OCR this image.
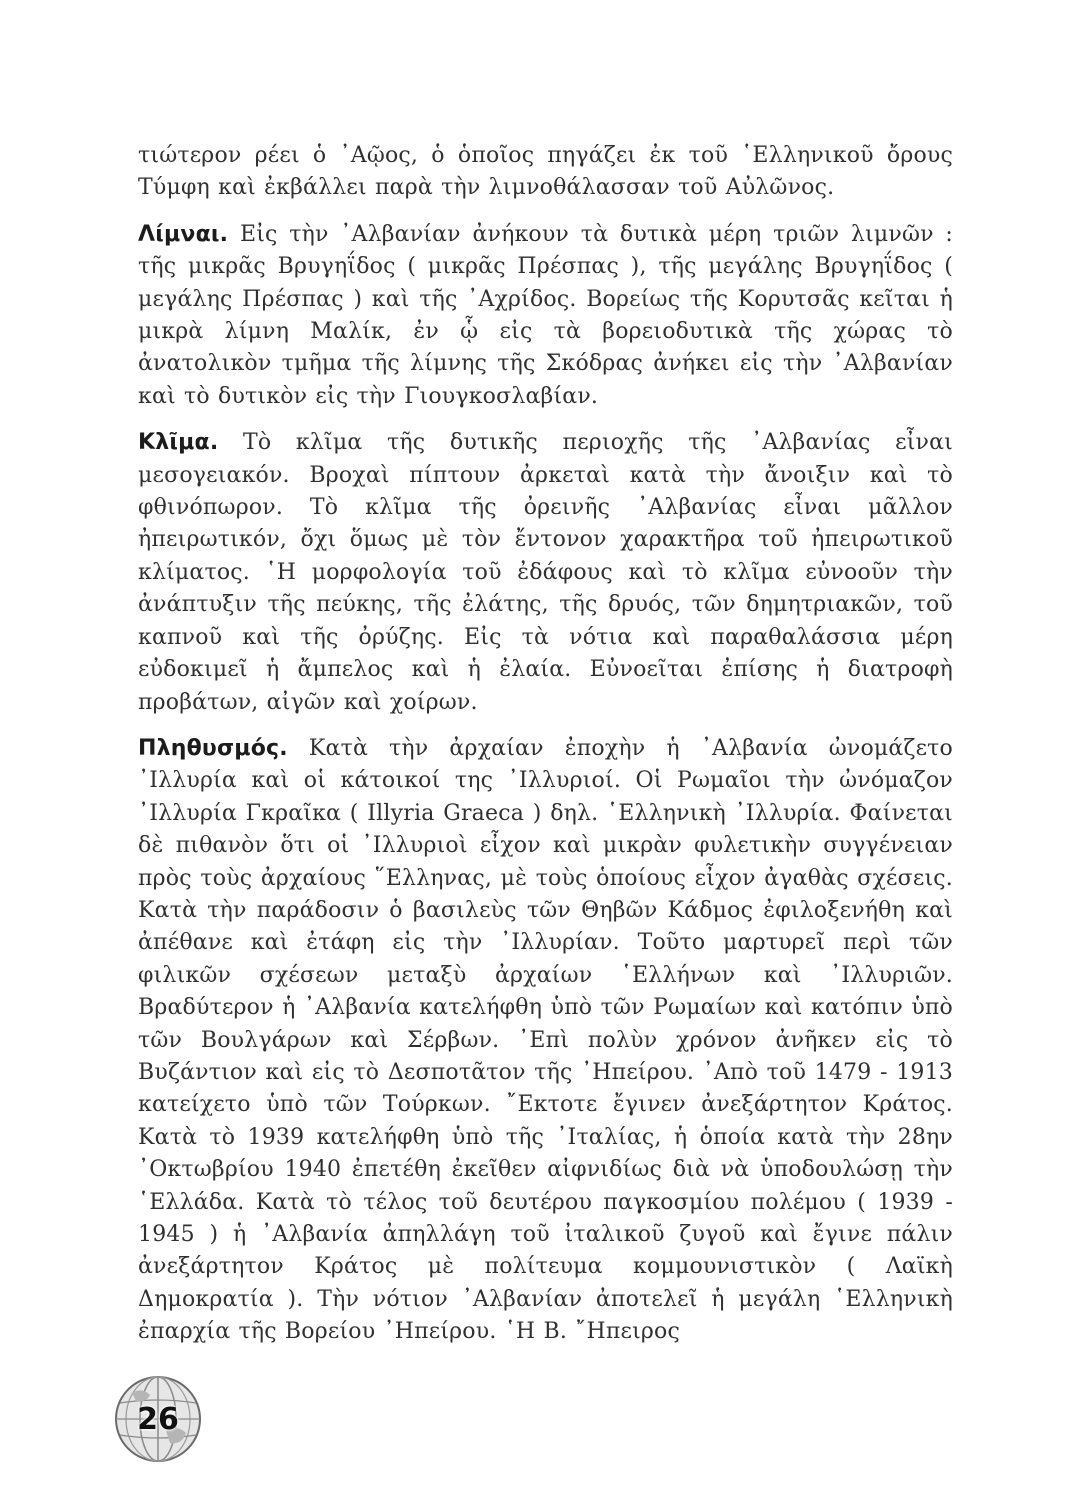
τιώτερον ρέει ὁ ᾿Αῷος, ὁ ὁποῖος πηγάζει ἐκ τοῦ ῾Ελληνικοῦ ὄρους Τύμφη καὶ ἐκβάλλει παρὰ τὴν λιμνοθάλασσαν τοῦ Αὐλῶνος.

Λίμναι. Εἰς τὴν ᾿Αλβανίαν ἀνήκουν τὰ δυτικὰ μέρη τριῶν λιμνῶν : τῆς μικρᾶς Βρυγηΐδος ( μικρᾶς Πρέσπας ), τῆς μεγάλης Βρυγηΐδος ( μεγάλης Πρέσπας ) καὶ τῆς ᾿Αχρίδος. Βορείως τῆς Κορυτσᾶς κεῖται ἡ μικρὰ λίμνη Μαλίκ, ἐν ᾧ εἰς τὰ βορειοδυτικὰ τῆς χώρας τὸ ἀνατολικὸν τμῆμα τῆς λίμνης τῆς Σκόδρας ἀνήκει εἰς τὴν ᾿Αλβανίαν καὶ τὸ δυτικὸν εἰς τὴν Γιουγκοσλαβίαν.

Κλῖμα. Τὸ κλῖμα τῆς δυτικῆς περιοχῆς τῆς ᾿Αλβανίας εἶναι μεσογειακόν. Βροχαὶ πίπτουν ἀρκεταὶ κατὰ τὴν ἄνοιξιν καὶ τὸ φθινόπωρον. Τὸ κλῖμα τῆς ὀρεινῆς ᾿Αλβανίας εἶναι μᾶλλον ἠπειρωτικόν, ὄχι ὅμως μὲ τὸν ἔντονον χαρακτῆρα τοῦ ἠπειρωτικοῦ κλίματος. ῾Η μορφολογία τοῦ ἐδάφους καὶ τὸ κλῖμα εὐνοοῦν τὴν ἀνάπτυξιν τῆς πεύκης, τῆς ἐλάτης, τῆς δρυός, τῶν δημητριακῶν, τοῦ καπνοῦ καὶ τῆς ὀρύζης. Εἰς τὰ νότια καὶ παραθαλάσσια μέρη εὐδοκιμεῖ ἡ ἄμπελος καὶ ἡ ἐλαία. Εὐνοεῖται ἐπίσης ἡ διατροφὴ προβάτων, αἰγῶν καὶ χοίρων.

Πληθυσμός. Κατὰ τὴν ἀρχαίαν ἐποχὴν ἡ ᾿Αλβανία ὠνομάζετο ᾿Ιλλυρία καὶ οἱ κάτοικοί της ᾿Ιλλυριοί. Οἱ Ρωμαῖοι τὴν ὠνόμαζον ᾿Ιλλυρία Γκραῖκα ( Illyria Graeca ) δηλ. ῾Ελληνικὴ ᾿Ιλλυρία. Φαίνεται δὲ πιθανὸν ὅτι οἱ ᾿Ιλλυριοὶ εἶχον καὶ μικρὰν φυλετικὴν συγγένειαν πρὸς τοὺς ἀρχαίους ῞Ελληνας, μὲ τοὺς ὁποίους εἶχον ἀγαθὰς σχέσεις. Κατὰ τὴν παράδοσιν ὁ βασιλεὺς τῶν Θηβῶν Κάδμος ἐφιλοξενήθη καὶ ἀπέθανε καὶ ἐτάφη εἰς τὴν ᾿Ιλλυρίαν. Τοῦτο μαρτυρεῖ περὶ τῶν φιλικῶν σχέσεων μεταξὺ ἀρχαίων ῾Ελλήνων καὶ ᾿Ιλλυριῶν. Βραδύτερον ἡ ᾿Αλβανία κατελήφθη ὑπὸ τῶν Ρωμαίων καὶ κατόπιν ὑπὸ τῶν Βουλγάρων καὶ Σέρβων. ᾿Επὶ πολὺν χρόνον ἀνῆκεν εἰς τὸ Βυζάντιον καὶ εἰς τὸ Δεσποτᾶτον τῆς ᾿Ηπείρου. ᾿Απὸ τοῦ 1479 - 1913 κατείχετο ὑπὸ τῶν Τούρκων. ῎Εκτοτε ἔγινεν ἀνεξάρτητον Κράτος. Κατὰ τὸ 1939 κατελήφθη ὑπὸ τῆς ᾿Ιταλίας, ἡ ὁποία κατὰ τὴν 28ην ᾿Οκτωβρίου 1940 ἐπετέθη ἐκεῖθεν αἰφνιδίως διὰ νὰ ὑποδουλώσῃ τὴν ῾Ελλάδα. Κατὰ τὸ τέλος τοῦ δευτέρου παγκοσμίου πολέμου ( 1939 - 1945 ) ἡ ᾿Αλβανία ἀπηλλάγη τοῦ ἰταλικοῦ ζυγοῦ καὶ ἔγινε πάλιν ἀνεξάρτητον Κράτος μὲ πολίτευμα κομμουνιστικὸν ( Λαϊκὴ Δημοκρατία ). Τὴν νότιον ᾿Αλβανίαν ἀποτελεῖ ἡ μεγάλη ῾Ελληνικὴ ἐπαρχία τῆς Βορείου ᾿Ηπείρου. ῾Η Β. ῎Ηπειρος

26
